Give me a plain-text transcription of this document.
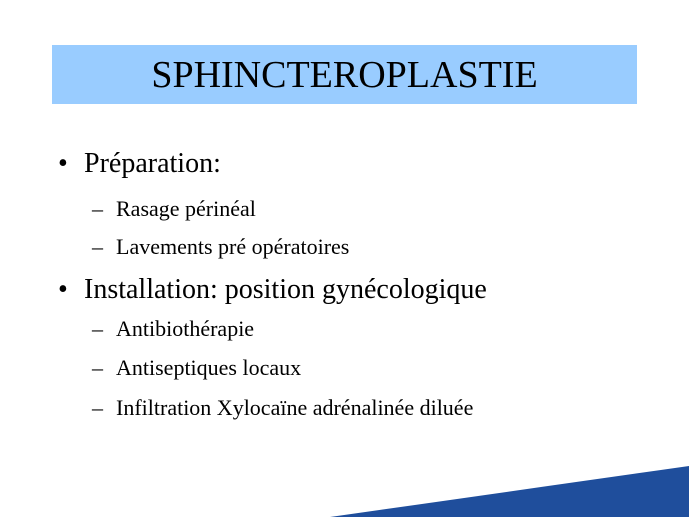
SPHINCTEROPLASTIE
• Préparation:
– Rasage périnéal
– Lavements pré opératoires
• Installation: position gynécologique
– Antibiothérapie
– Antiseptiques locaux
– Infiltration Xylocaïne adrénalinée diluée
